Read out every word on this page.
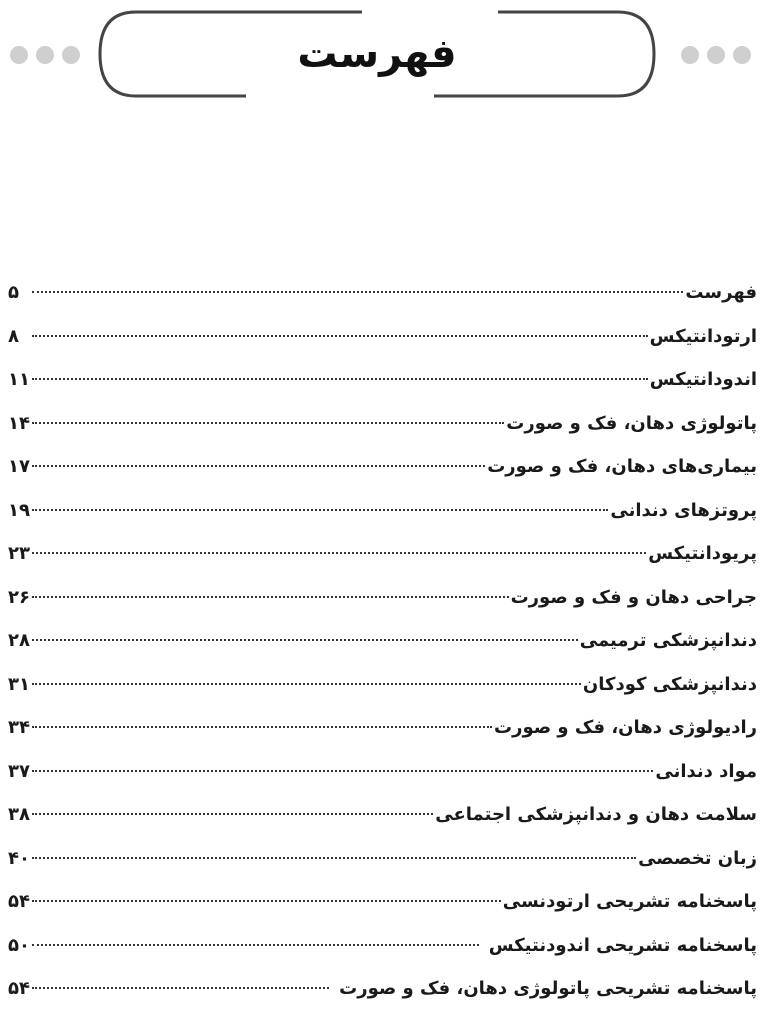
فهرست
فهرست
۵
ارتودانتیکس
۸
اندودانتیکس
۱۱
پاتولوژی دهان، فک و صورت
۱۴
بیماری‌های دهان، فک و صورت
۱۷
پروتزهای دندانی
۱۹
پریودانتیکس
۲۳
جراحی دهان و فک و صورت
۲۶
دندانپزشکی ترمیمی
۲۸
دندانپزشکی کودکان
۳۱
رادیولوژی دهان، فک و صورت
۳۴
مواد دندانی
۳۷
سلامت دهان و دندانپزشکی اجتماعی
۳۸
زبان تخصصی
۴۰
پاسخنامه تشریحی ارتودنسی
۵۴
پاسخنامه تشریحی اندودنتیکس
۵۰
پاسخنامه تشریحی پاتولوژی دهان، فک و صورت
۵۴
